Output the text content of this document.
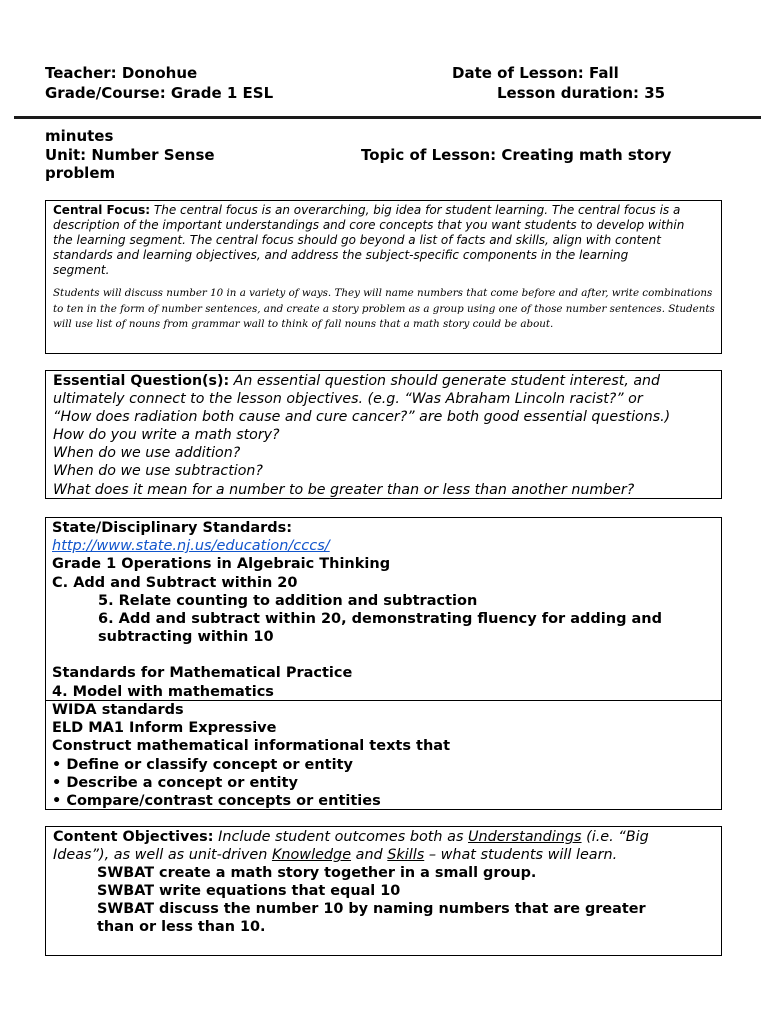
Teacher: Donohue	Date of Lesson: Fall
Grade/Course: Grade 1 ESL	Lesson duration: 35
minutes
Unit: Number Sense	Topic of Lesson: Creating math story
problem
Central Focus: The central focus is an overarching, big idea for student learning. The central focus is a
description of the important understandings and core concepts that you want students to develop within
the learning segment. The central focus should go beyond a list of facts and skills, align with content
standards and learning objectives, and address the subject-specific components in the learning
segment.
Students will discuss number 10 in a variety of ways. They will name numbers that come before and after, write combinations
to ten in the form of number sentences, and create a story problem as a group using one of those number sentences. Students
will use list of nouns from grammar wall to think of fall nouns that a math story could be about.
Essential Question(s): An essential question should generate student interest, and
ultimately connect to the lesson objectives. (e.g. “Was Abraham Lincoln racist?” or
“How does radiation both cause and cure cancer?” are both good essential questions.)
How do you write a math story?
When do we use addition?
When do we use subtraction?
What does it mean for a number to be greater than or less than another number?
State/Disciplinary Standards:
http://www.state.nj.us/education/cccs/
Grade 1 Operations in Algebraic Thinking
C. Add and Subtract within 20
5. Relate counting to addition and subtraction
6. Add and subtract within 20, demonstrating fluency for adding and
subtracting within 10
Standards for Mathematical Practice
4. Model with mathematics
WIDA standards
ELD MA1 Inform Expressive
Construct mathematical informational texts that
• Define or classify concept or entity
• Describe a concept or entity
• Compare/contrast concepts or entities
Content Objectives: Include student outcomes both as Understandings (i.e. “Big
Ideas”), as well as unit-driven Knowledge and Skills – what students will learn.
SWBAT create a math story together in a small group.
SWBAT write equations that equal 10
SWBAT discuss the number 10 by naming numbers that are greater
than or less than 10.
